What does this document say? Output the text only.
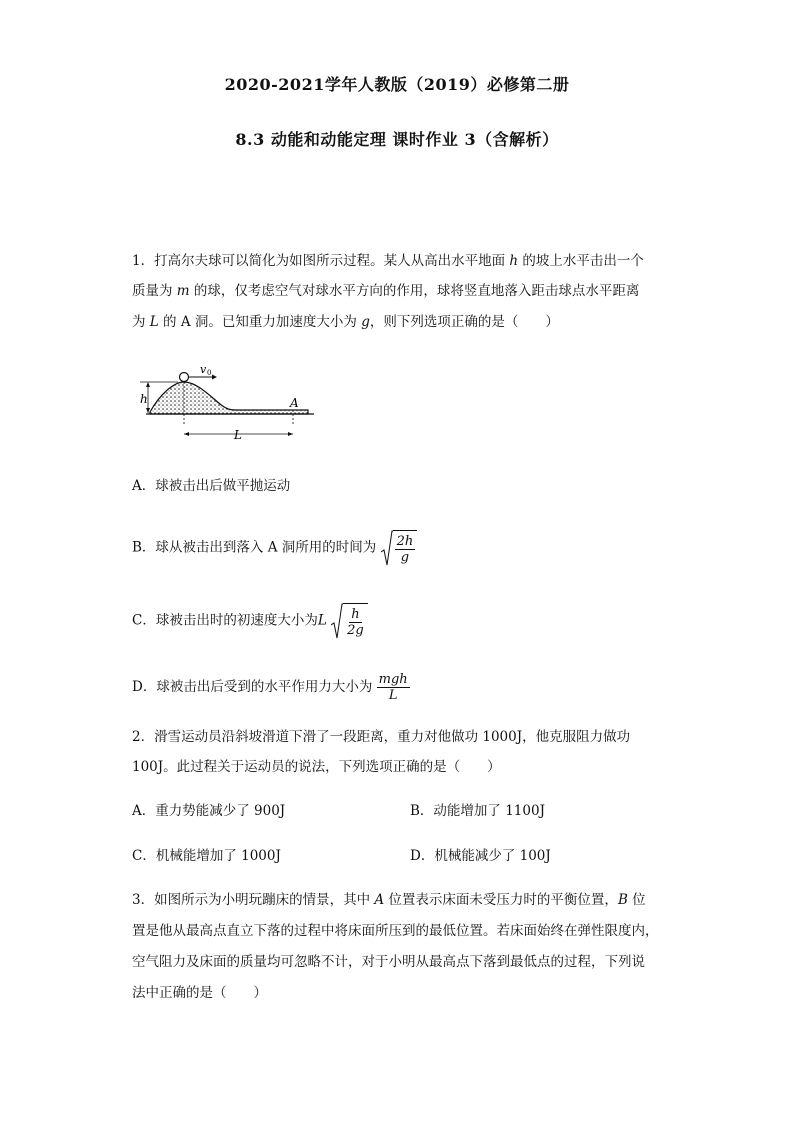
2020-2021学年人教版（2019）必修第二册
8.3 动能和动能定理 课时作业 3（含解析）
1．打高尔夫球可以简化为如图所示过程。某人从高出水平地面 h 的坡上水平击出一个
质量为 m 的球，仅考虑空气对球水平方向的作用，球将竖直地落入距击球点水平距离
为 L 的 A 洞。已知重力加速度大小为 g，则下列选项正确的是（　　）
v 0
h	A
L
A．球被击出后做平抛运动
B．球从被击出到落入 A 洞所用的时间为 $\frac{2h}{g}$
C．球被击出时的初速度大小为L $\frac{h}{2g}$
D．球被击出后受到的水平作用力大小为 $\frac{\text{mgh}}{L}$
2．滑雪运动员沿斜坡滑道下滑了一段距离，重力对他做功 1000J，他克服阻力做功
100J。此过程关于运动员的说法，下列选项正确的是（　　）
A．重力势能减少了 900J	B．动能增加了 1100J
C．机械能增加了 1000J	D．机械能减少了 100J
3．如图所示为小明玩蹦床的情景，其中 A 位置表示床面未受压力时的平衡位置，B 位
置是他从最高点直立下落的过程中将床面所压到的最低位置。若床面始终在弹性限度内，
空气阻力及床面的质量均可忽略不计，对于小明从最高点下落到最低点的过程，下列说
法中正确的是（　　）
